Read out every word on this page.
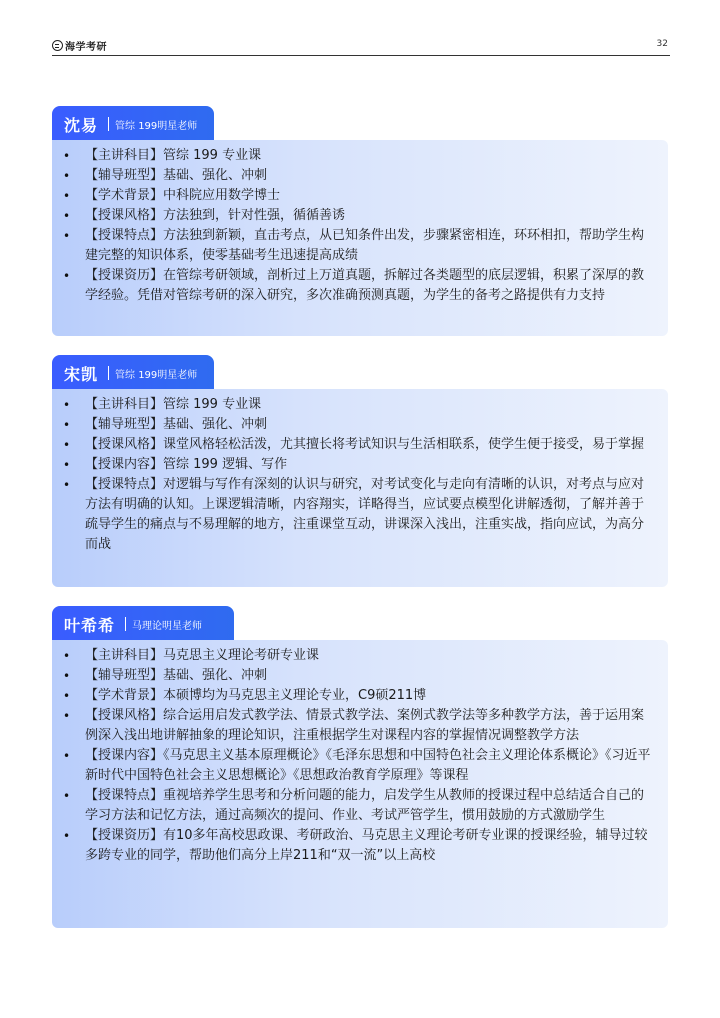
海学考研	32
沈易 管综 199明星老师
• 【主讲科目】管综 199 专业课
• 【辅导班型】基础、强化、冲刺
• 【学术背景】中科院应用数学博士
• 【授课风格】方法独到，针对性强，循循善诱
• 【授课特点】方法独到新颖，直击考点，从已知条件出发，步骤紧密相连，环环相扣，帮助学生构建完整的知识体系，使零基础考生迅速提高成绩
• 【授课资历】在管综考研领域，剖析过上万道真题，拆解过各类题型的底层逻辑，积累了深厚的教学经验。凭借对管综考研的深入研究，多次准确预测真题，为学生的备考之路提供有力支持
宋凯 管综 199明星老师
• 【主讲科目】管综 199 专业课
• 【辅导班型】基础、强化、冲刺
• 【授课风格】课堂风格轻松活泼，尤其擅长将考试知识与生活相联系，使学生便于接受，易于掌握
• 【授课内容】管综 199 逻辑、写作
• 【授课特点】对逻辑与写作有深刻的认识与研究，对考试变化与走向有清晰的认识，对考点与应对方法有明确的认知。上课逻辑清晰，内容翔实，详略得当，应试要点模型化讲解透彻，了解并善于疏导学生的痛点与不易理解的地方，注重课堂互动，讲课深入浅出，注重实战，指向应试，为高分而战
叶希希 马理论明星老师
• 【主讲科目】马克思主义理论考研专业课
• 【辅导班型】基础、强化、冲刺
• 【学术背景】本硕博均为马克思主义理论专业，C9硕211博
• 【授课风格】综合运用启发式教学法、情景式教学法、案例式教学法等多种教学方法，善于运用案例深入浅出地讲解抽象的理论知识，注重根据学生对课程内容的掌握情况调整教学方法
• 【授课内容】《马克思主义基本原理概论》《毛泽东思想和中国特色社会主义理论体系概论》《习近平新时代中国特色社会主义思想概论》《思想政治教育学原理》等课程
• 【授课特点】重视培养学生思考和分析问题的能力，启发学生从教师的授课过程中总结适合自己的学习方法和记忆方法，通过高频次的提问、作业、考试严管学生，惯用鼓励的方式激励学生
• 【授课资历】有10多年高校思政课、考研政治、马克思主义理论考研专业课的授课经验，辅导过较多跨专业的同学，帮助他们高分上岸211和“双一流”以上高校
